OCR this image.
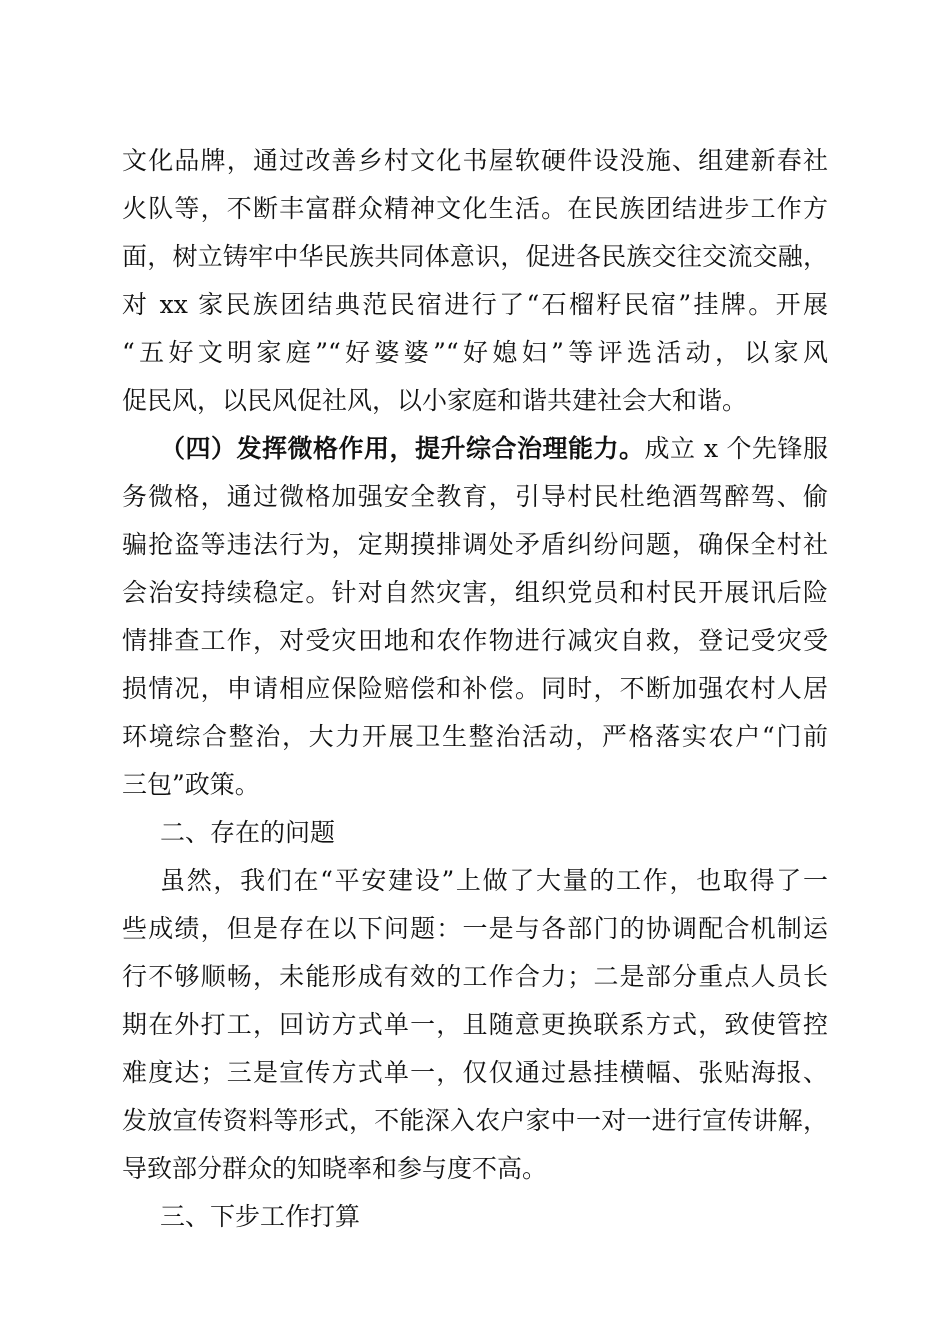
文化品牌，通过改善乡村文化书屋软硬件设没施、组建新春社
火队等，不断丰富群众精神文化生活。在民族团结进步工作方
面，树立铸牢中华民族共同体意识，促进各民族交往交流交融，
对 xx 家民族团结典范民宿进行了“石榴籽民宿”挂牌。开展
“五好文明家庭”“好婆婆”“好媳妇”等评选活动，以家风
促民风，以民风促社风，以小家庭和谐共建社会大和谐。
（四）发挥微格作用，提升综合治理能力。成立 x 个先锋服
务微格，通过微格加强安全教育，引导村民杜绝酒驾醉驾、偷
骗抢盗等违法行为，定期摸排调处矛盾纠纷问题，确保全村社
会治安持续稳定。针对自然灾害，组织党员和村民开展讯后险
情排查工作，对受灾田地和农作物进行减灾自救，登记受灾受
损情况，申请相应保险赔偿和补偿。同时，不断加强农村人居
环境综合整治，大力开展卫生整治活动，严格落实农户“门前
三包”政策。
二、存在的问题
虽然，我们在“平安建设”上做了大量的工作，也取得了一
些成绩，但是存在以下问题：一是与各部门的协调配合机制运
行不够顺畅，未能形成有效的工作合力；二是部分重点人员长
期在外打工，回访方式单一，且随意更换联系方式，致使管控
难度达；三是宣传方式单一，仅仅通过悬挂横幅、张贴海报、
发放宣传资料等形式，不能深入农户家中一对一进行宣传讲解，
导致部分群众的知晓率和参与度不高。
三、下步工作打算
